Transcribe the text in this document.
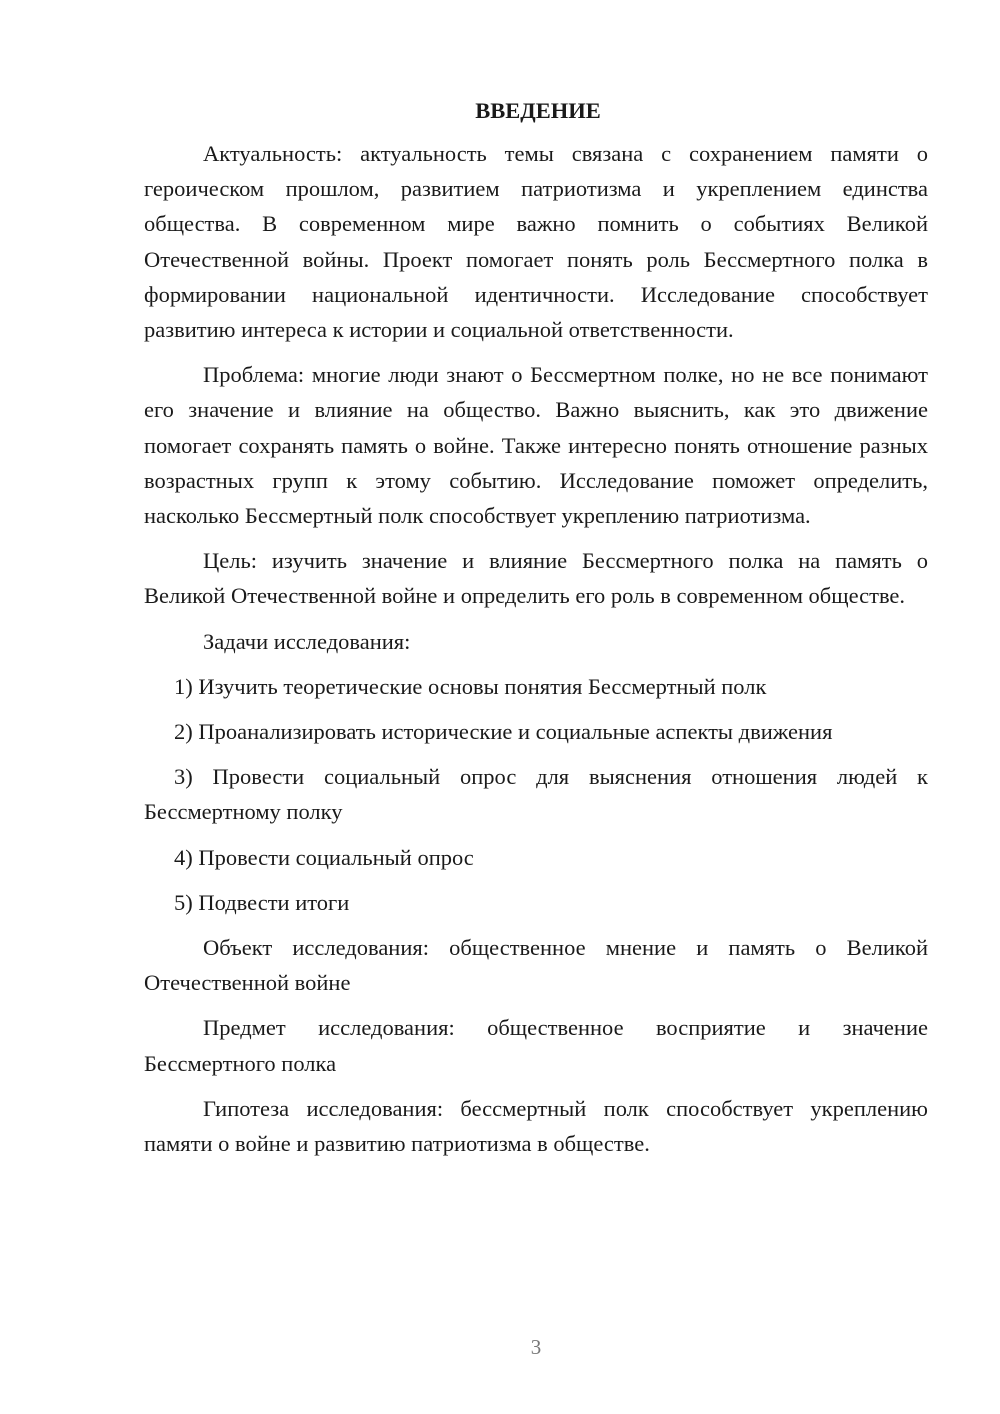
ВВЕДЕНИЕ

Актуальность: актуальность темы связана с сохранением памяти о героическом прошлом, развитием патриотизма и укреплением единства общества. В современном мире важно помнить о событиях Великой Отечественной войны. Проект помогает понять роль Бессмертного полка в формировании национальной идентичности. Исследование способствует развитию интереса к истории и социальной ответственности.

Проблема: многие люди знают о Бессмертном полке, но не все понимают его значение и влияние на общество. Важно выяснить, как это движение помогает сохранять память о войне. Также интересно понять отношение разных возрастных групп к этому событию. Исследование поможет определить, насколько Бессмертный полк способствует укреплению патриотизма.

Цель: изучить значение и влияние Бессмертного полка на память о Великой Отечественной войне и определить его роль в современном обществе.

Задачи исследования:

1) Изучить теоретические основы понятия Бессмертный полк

2) Проанализировать исторические и социальные аспекты движения

3) Провести социальный опрос для выяснения отношения людей к Бессмертному полку

4) Провести социальный опрос

5) Подвести итоги

Объект исследования: общественное мнение и память о Великой Отечественной войне

Предмет исследования: общественное восприятие и значение Бессмертного полка

Гипотеза исследования: бессмертный полк способствует укреплению памяти о войне и развитию патриотизма в обществе.

3
